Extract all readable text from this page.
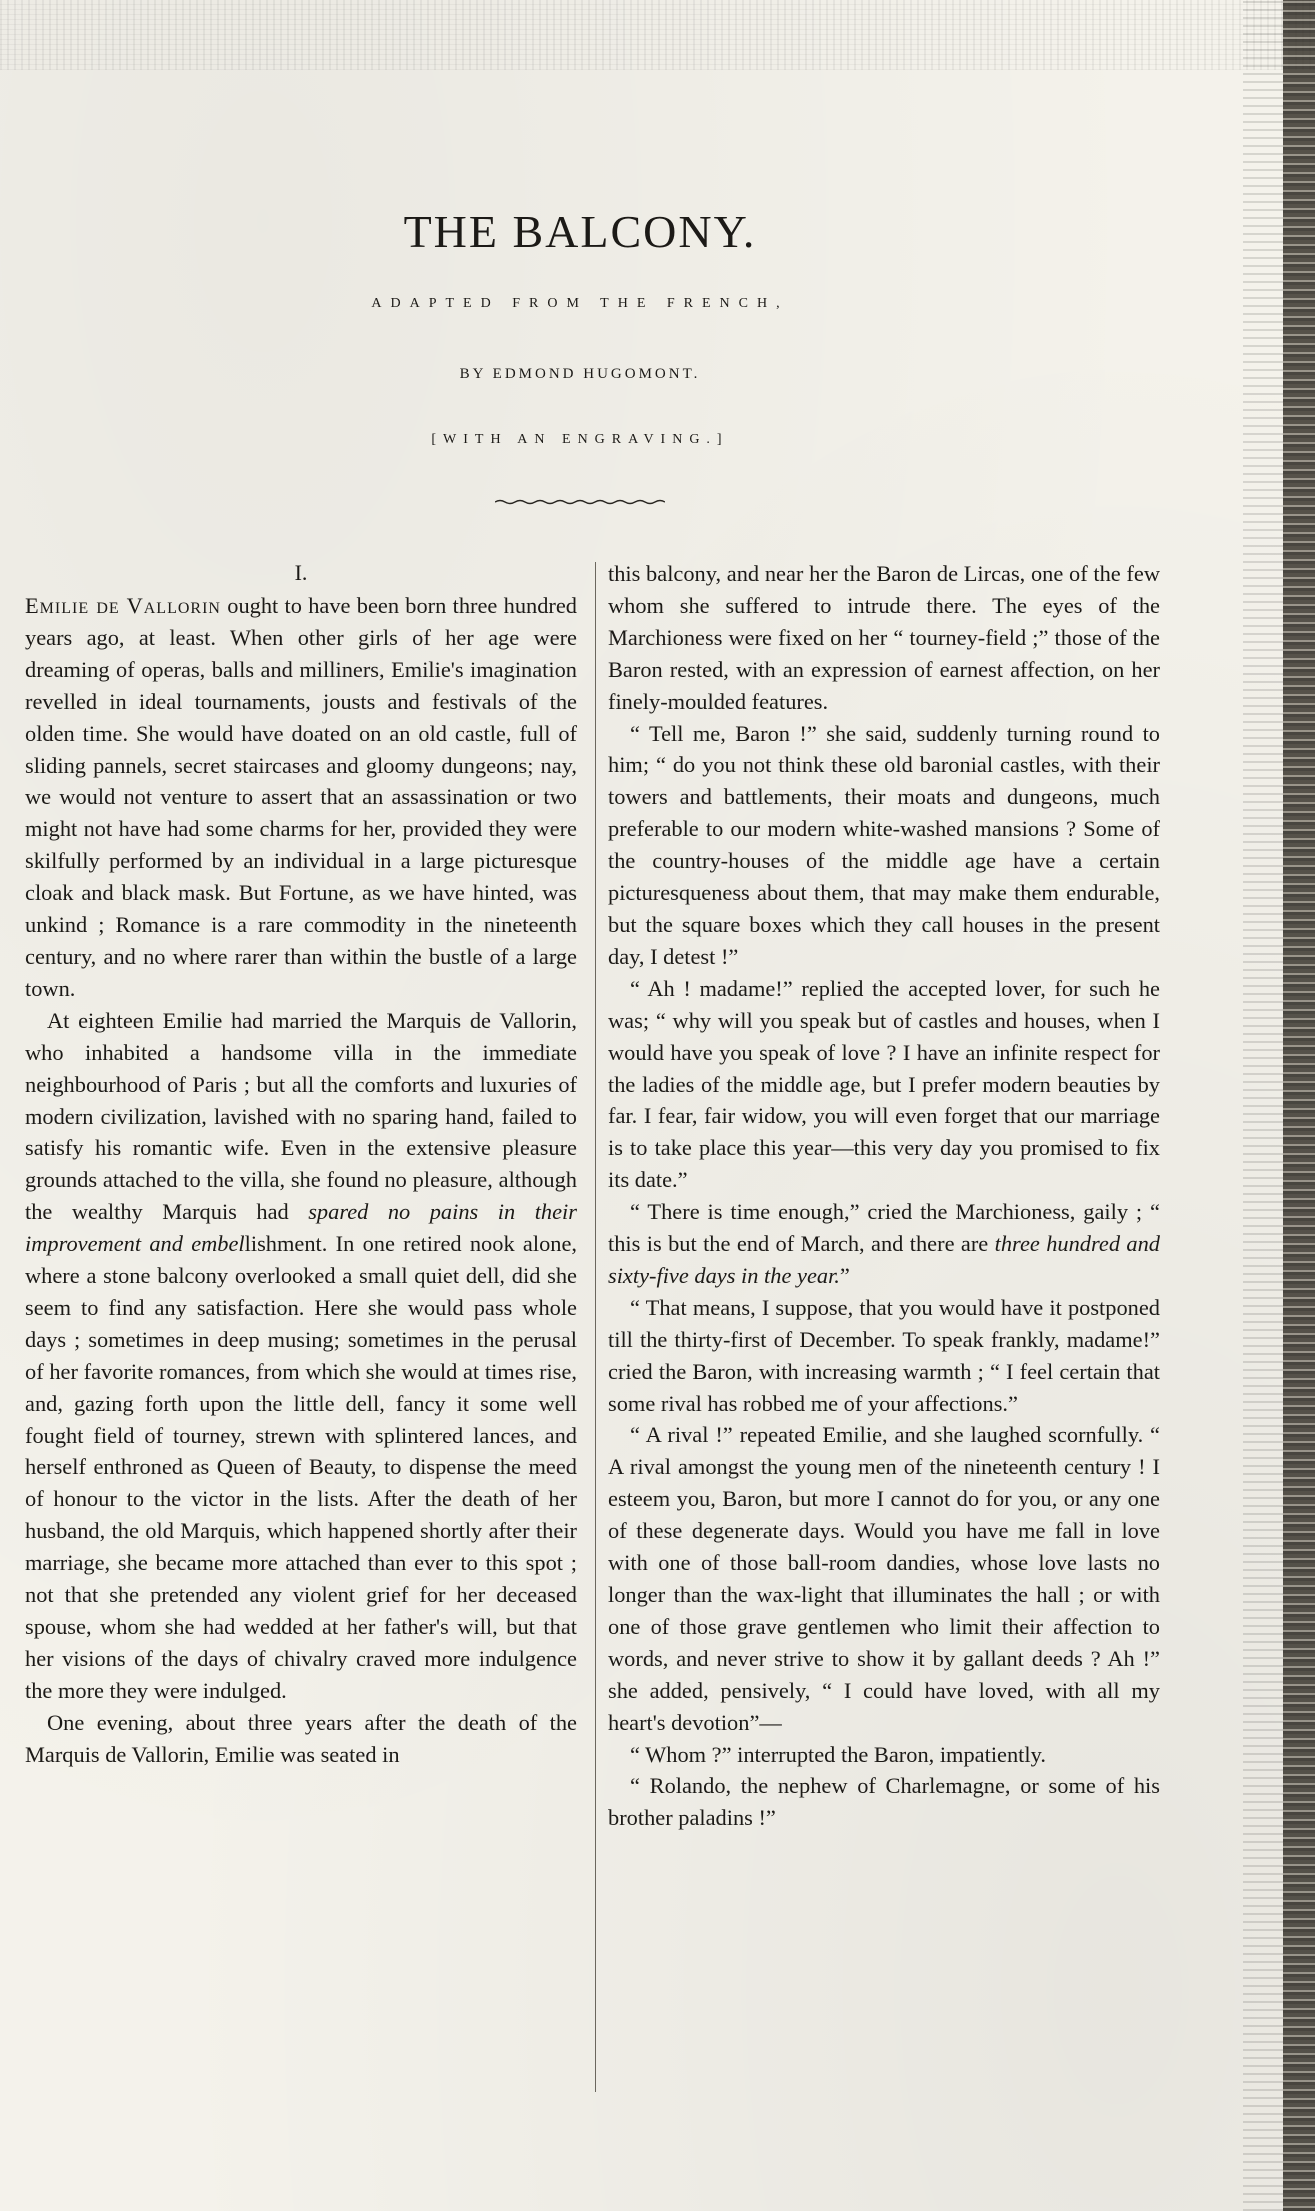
THE BALCONY.

ADAPTED FROM THE FRENCH,

BY EDMOND HUGOMONT.

[WITH AN ENGRAVING.]

I.

Emilie de Vallorin ought to have been born three hundred years ago, at least. When other girls of her age were dreaming of operas, balls and milliners, Emilie's imagination revelled in ideal tournaments, jousts and festivals of the olden time. She would have doated on an old castle, full of sliding pannels, secret staircases and gloomy dungeons; nay, we would not venture to assert that an assassination or two might not have had some charms for her, provided they were skilfully performed by an individual in a large picturesque cloak and black mask. But Fortune, as we have hinted, was unkind ; Romance is a rare commodity in the nineteenth century, and no where rarer than within the bustle of a large town.

At eighteen Emilie had married the Marquis de Vallorin, who inhabited a handsome villa in the immediate neighbourhood of Paris ; but all the comforts and luxuries of modern civilization, lavished with no sparing hand, failed to satisfy his romantic wife. Even in the extensive pleasure grounds attached to the villa, she found no pleasure, although the wealthy Marquis had spared no pains in their improvement and embellishment. In one retired nook alone, where a stone balcony overlooked a small quiet dell, did she seem to find any satisfaction. Here she would pass whole days ; sometimes in deep musing; sometimes in the perusal of her favorite romances, from which she would at times rise, and, gazing forth upon the little dell, fancy it some well fought field of tourney, strewn with splintered lances, and herself enthroned as Queen of Beauty, to dispense the meed of honour to the victor in the lists. After the death of her husband, the old Marquis, which happened shortly after their marriage, she became more attached than ever to this spot ; not that she pretended any violent grief for her deceased spouse, whom she had wedded at her father's will, but that her visions of the days of chivalry craved more indulgence the more they were indulged.

One evening, about three years after the death of the Marquis de Vallorin, Emilie was seated in

this balcony, and near her the Baron de Lircas, one of the few whom she suffered to intrude there. The eyes of the Marchioness were fixed on her “ tourney-field ;” those of the Baron rested, with an expression of earnest affection, on her finely-moulded features.

“ Tell me, Baron !” she said, suddenly turning round to him; “ do you not think these old baronial castles, with their towers and battlements, their moats and dungeons, much preferable to our modern white-washed mansions ? Some of the country-houses of the middle age have a certain picturesqueness about them, that may make them endurable, but the square boxes which they call houses in the present day, I detest !”

“ Ah ! madame!” replied the accepted lover, for such he was; “ why will you speak but of castles and houses, when I would have you speak of love ? I have an infinite respect for the ladies of the middle age, but I prefer modern beauties by far. I fear, fair widow, you will even forget that our marriage is to take place this year—this very day you promised to fix its date.”

“ There is time enough,” cried the Marchioness, gaily ; “ this is but the end of March, and there are three hundred and sixty-five days in the year.”

“ That means, I suppose, that you would have it postponed till the thirty-first of December. To speak frankly, madame!” cried the Baron, with increasing warmth ; “ I feel certain that some rival has robbed me of your affections.”

“ A rival !” repeated Emilie, and she laughed scornfully. “ A rival amongst the young men of the nineteenth century ! I esteem you, Baron, but more I cannot do for you, or any one of these degenerate days. Would you have me fall in love with one of those ball-room dandies, whose love lasts no longer than the wax-light that illuminates the hall ; or with one of those grave gentlemen who limit their affection to words, and never strive to show it by gallant deeds ? Ah !” she added, pensively, “ I could have loved, with all my heart's devotion”—

“ Whom ?” interrupted the Baron, impatiently.

“ Rolando, the nephew of Charlemagne, or some of his brother paladins !”
